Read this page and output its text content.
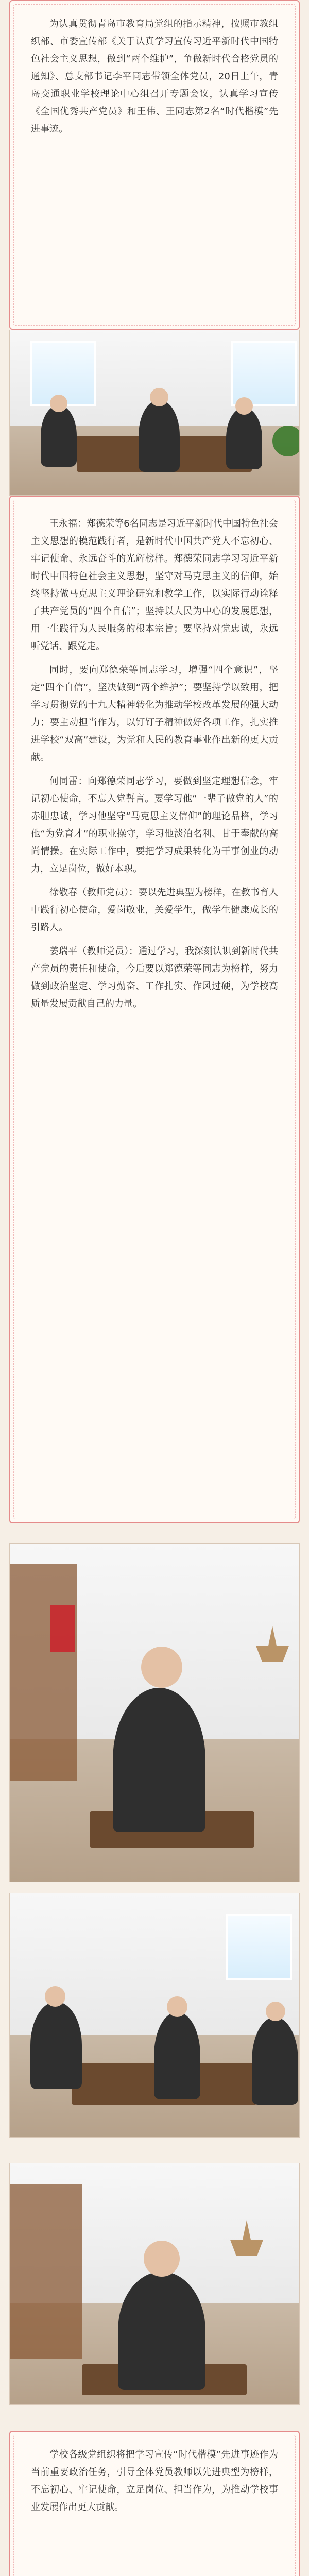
为认真贯彻青岛市教育局党组的指示精神，按照市教组织部、市委宣传部《关于认真学习宣传习近平新时代中国特色社会主义思想，做到“两个维护”，争做新时代合格党员的通知》、总支部书记李平同志带领全体党员，20日上午，青岛交通职业学校理论中心组召开专题会议，认真学习宣传《全国优秀共产党员》和王伟、王同志第2名“时代楷模”先进事迹。

王永福：郑德荣等6名同志是习近平新时代中国特色社会主义思想的模范践行者，是新时代中国共产党人不忘初心、牢记使命、永远奋斗的光辉榜样。郑德荣同志学习习近平新时代中国特色社会主义思想，坚守对马克思主义的信仰，始终坚持做马克思主义理论研究和教学工作，以实际行动诠释了共产党员的“四个自信”；坚持以人民为中心的发展思想，用一生践行为人民服务的根本宗旨；要坚持对党忠诚，永远听党话、跟党走。

同时，要向郑德荣等同志学习，增强“四个意识”，坚定“四个自信”，坚决做到“两个维护”；要坚持学以致用，把学习贯彻党的十九大精神转化为推动学校改革发展的强大动力；要主动担当作为，以钉钉子精神做好各项工作，扎实推进学校“双高”建设，为党和人民的教育事业作出新的更大贡献。

何同雷：向郑德荣同志学习，要做到坚定理想信念，牢记初心使命，不忘入党誓言。要学习他“一辈子做党的人”的赤胆忠诚，学习他坚守“马克思主义信仰”的理论品格，学习他“为党育才”的职业操守，学习他淡泊名利、甘于奉献的高尚情操。在实际工作中，要把学习成果转化为干事创业的动力，立足岗位，做好本职。

徐敬春（教师党员）：要以先进典型为榜样，在教书育人中践行初心使命，爱岗敬业，关爱学生，做学生健康成长的引路人。

姜瑞平（教师党员）：通过学习，我深刻认识到新时代共产党员的责任和使命，今后要以郑德荣等同志为榜样，努力做到政治坚定、学习勤奋、工作扎实、作风过硬，为学校高质量发展贡献自己的力量。

学校各级党组织将把学习宣传“时代楷模”先进事迹作为当前重要政治任务，引导全体党员教师以先进典型为榜样，不忘初心、牢记使命，立足岗位、担当作为，为推动学校事业发展作出更大贡献。
